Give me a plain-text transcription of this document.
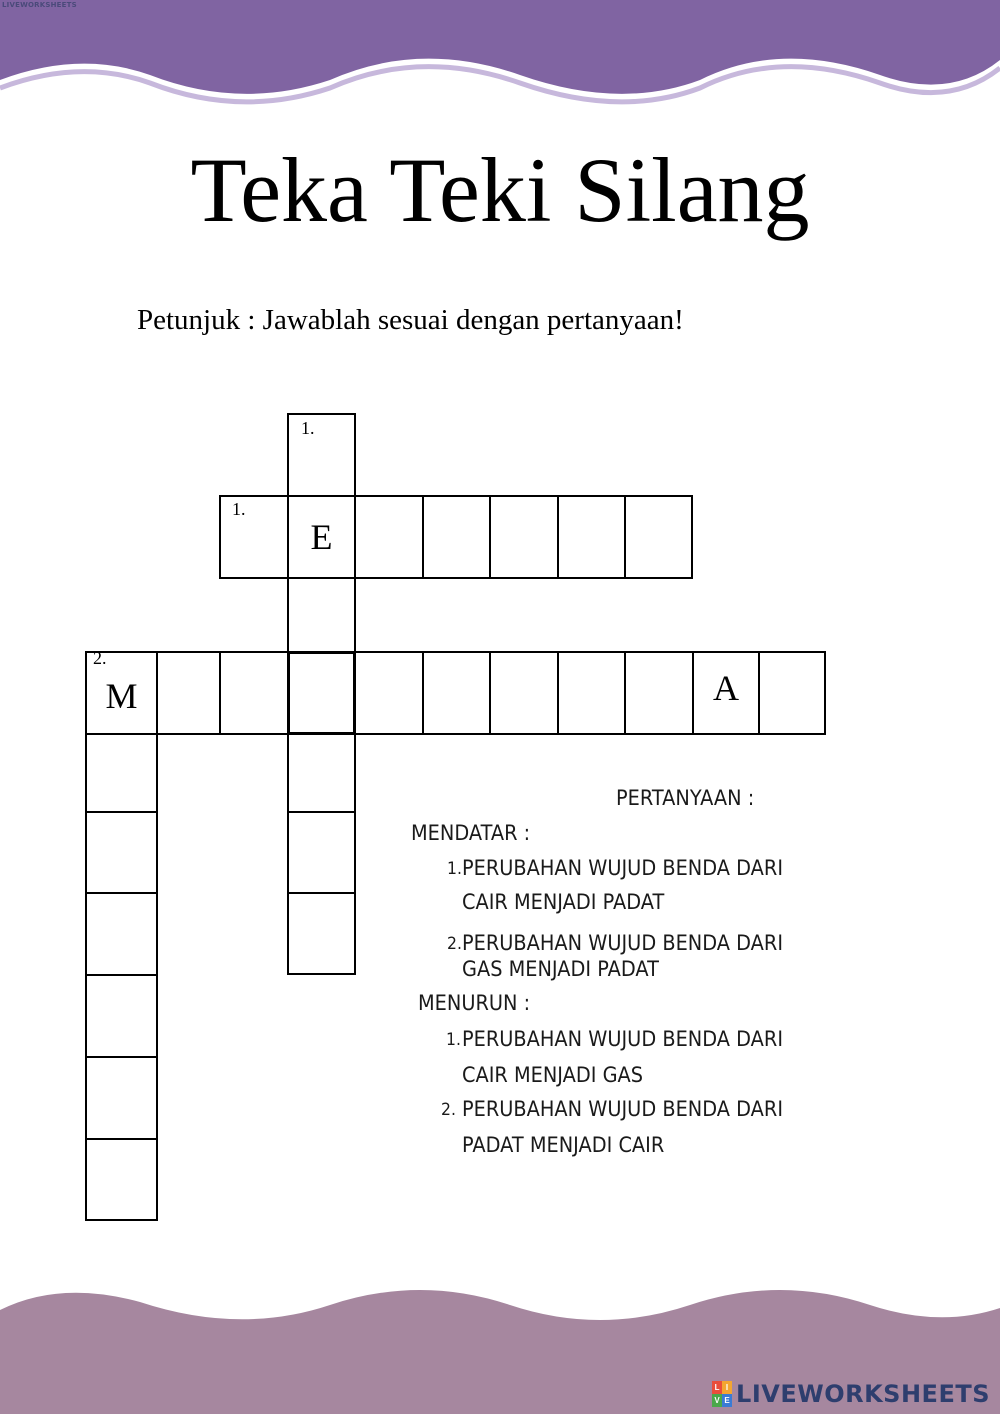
LIVEWORKSHEETS
Teka Teki Silang
Petunjuk : Jawablah sesuai dengan pertanyaan!
E
M	A
1.
1.
2.
PERTANYAAN :
MENDATAR :
1. PERUBAHAN WUJUD BENDA DARI
CAIR MENJADI PADAT
2. PERUBAHAN WUJUD BENDA DARI
GAS MENJADI PADAT
MENURUN :
1. PERUBAHAN WUJUD BENDA DARI
CAIR MENJADI GAS
2. PERUBAHAN WUJUD BENDA DARI
PADAT MENJADI CAIR
L I
V E LIVEWORKSHEETS
